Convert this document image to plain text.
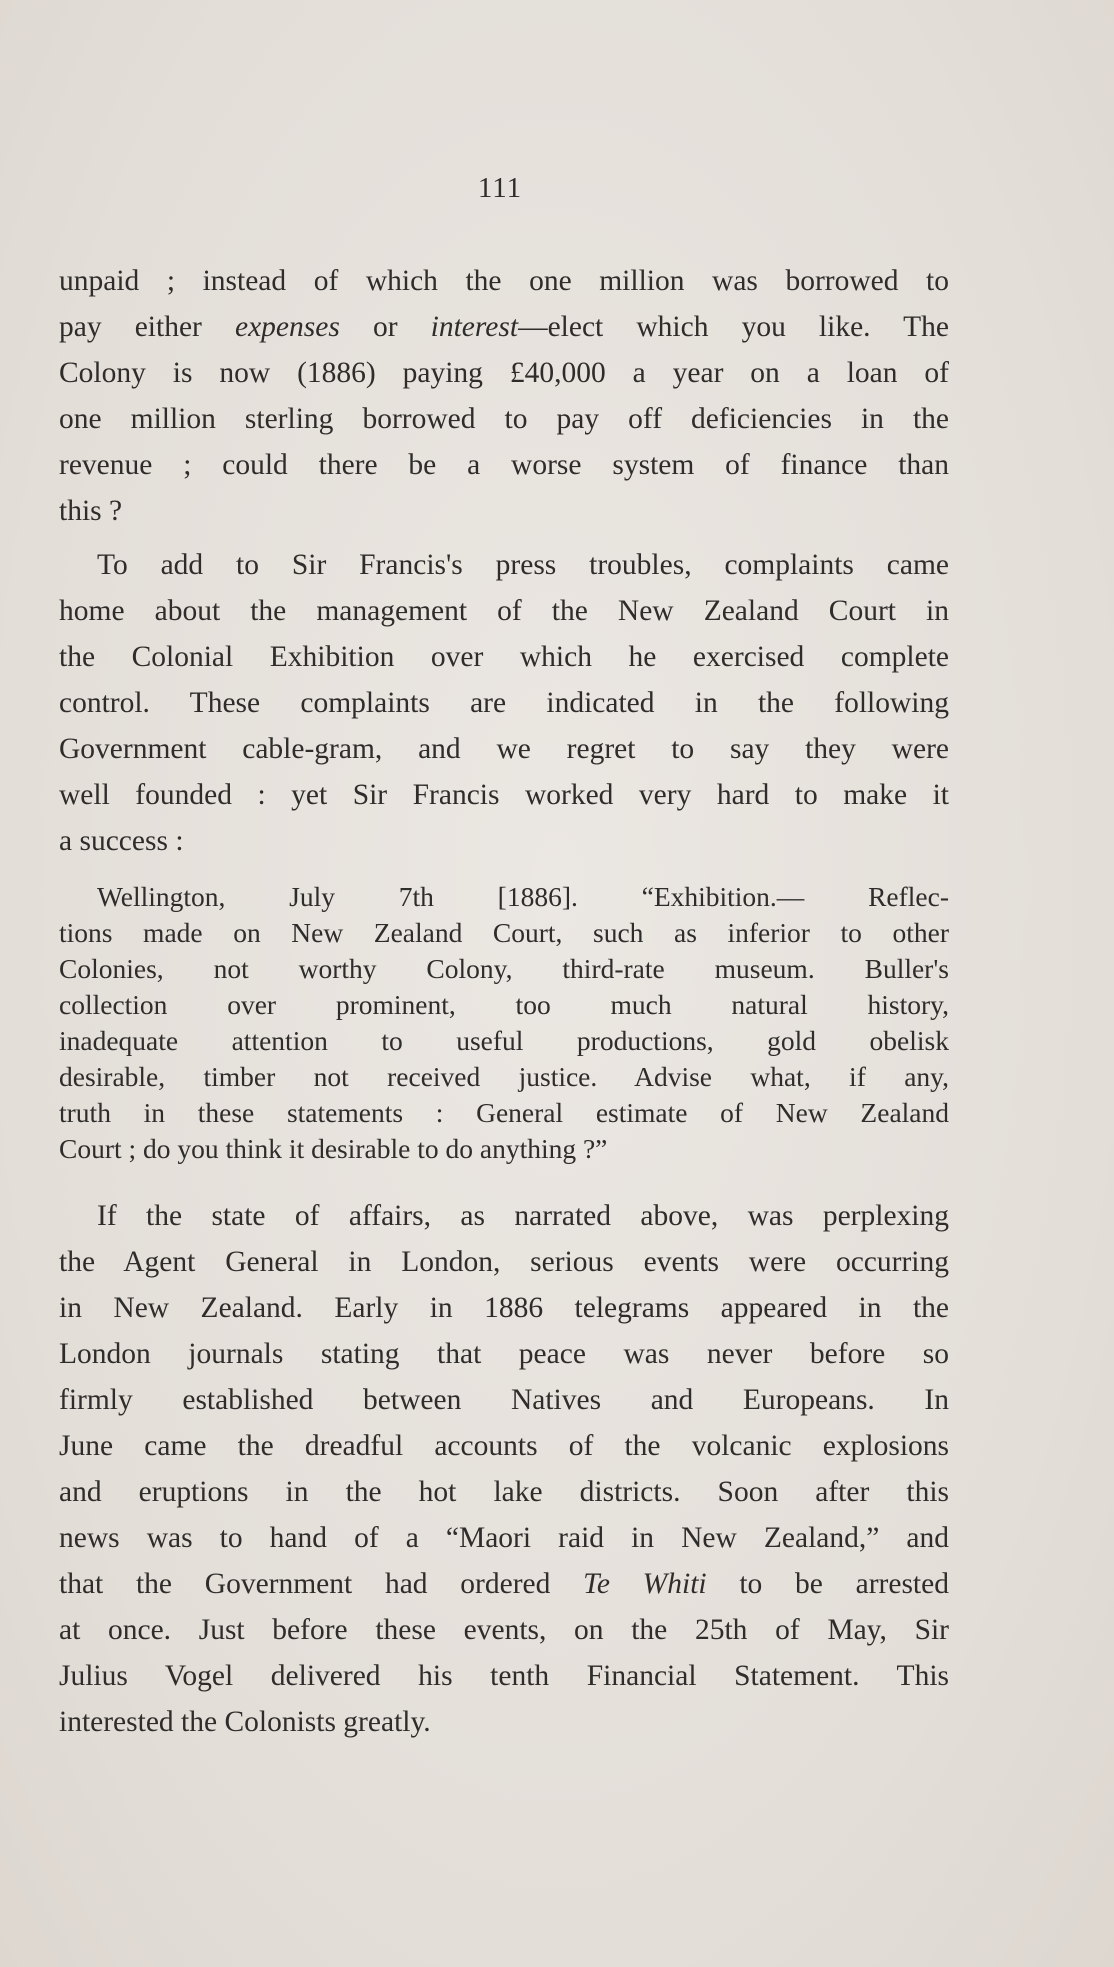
111
unpaid ; instead of which the one million was borrowed to
pay either expenses or interest—elect which you like. The
Colony is now (1886) paying £40,000 a year on a loan of
one million sterling borrowed to pay off deficiencies in the
revenue ; could there be a worse system of finance than
this ?
To add to Sir Francis's press troubles, complaints came
home about the management of the New Zealand Court in
the Colonial Exhibition over which he exercised complete
control. These complaints are indicated in the following
Government cable-gram, and we regret to say they were
well founded : yet Sir Francis worked very hard to make it
a success :
Wellington, July 7th [1886]. “Exhibition.— Reflec-
tions made on New Zealand Court, such as inferior to other
Colonies, not worthy Colony, third-rate museum. Buller's
collection over prominent, too much natural history,
inadequate attention to useful productions, gold obelisk
desirable, timber not received justice. Advise what, if any,
truth in these statements : General estimate of New Zealand
Court ; do you think it desirable to do anything ?”
If the state of affairs, as narrated above, was perplexing
the Agent General in London, serious events were occurring
in New Zealand. Early in 1886 telegrams appeared in the
London journals stating that peace was never before so
firmly established between Natives and Europeans. In
June came the dreadful accounts of the volcanic explosions
and eruptions in the hot lake districts. Soon after this
news was to hand of a “Maori raid in New Zealand,” and
that the Government had ordered Te Whiti to be arrested
at once. Just before these events, on the 25th of May, Sir
Julius Vogel delivered his tenth Financial Statement. This
interested the Colonists greatly.
